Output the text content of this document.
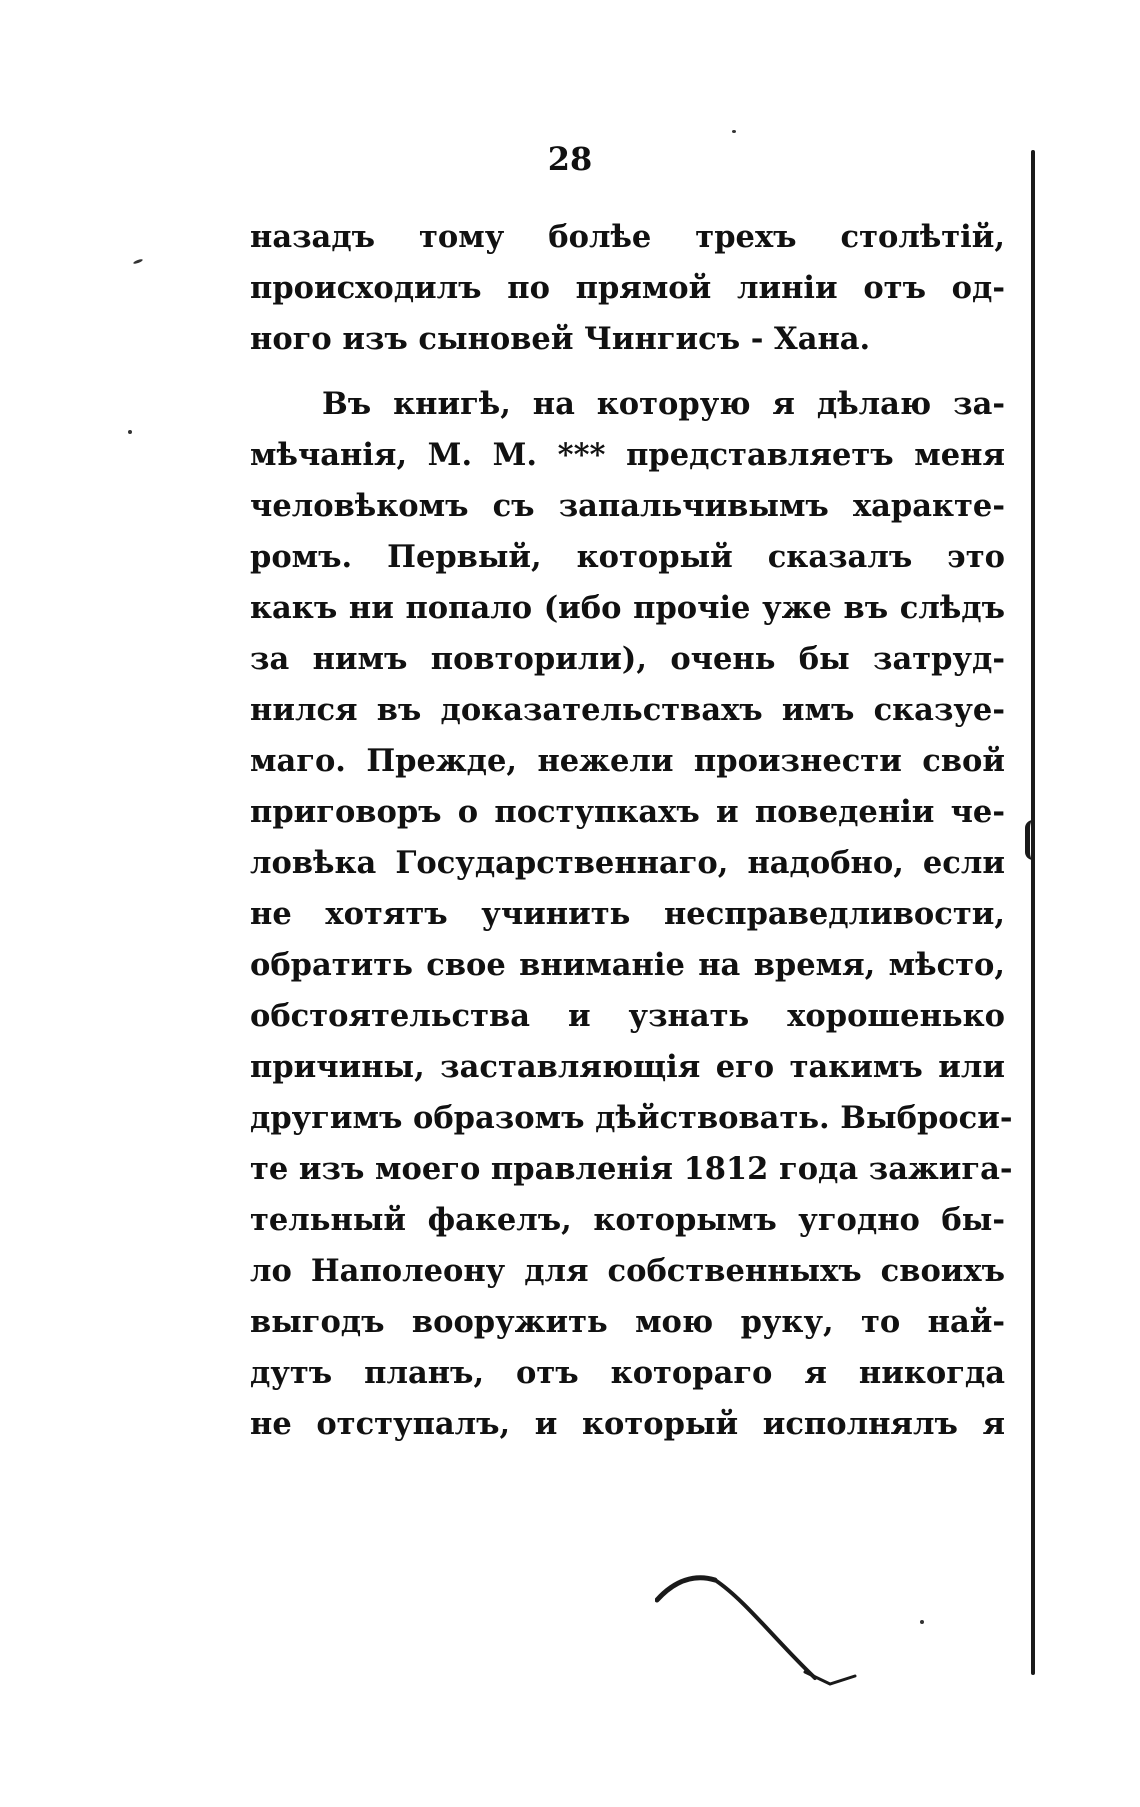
28
назадъ тому болѣе трехъ столѣтій,
происходилъ по прямой линіи отъ од-
ного изъ сыновей Чингисъ - Хана.
Въ книгѣ, на которую я дѣлаю за-
мѣчанія, М. М. *** представляетъ меня
человѣкомъ съ запальчивымъ характе-
ромъ. Первый, который сказалъ это
какъ ни попало (ибо прочіе уже въ слѣдъ
за нимъ повторили), очень бы затруд-
нился въ доказательствахъ имъ сказуе-
маго. Прежде, нежели произнести свой
приговоръ о поступкахъ и поведеніи че-
ловѣка Государственнаго, надобно, если
не хотятъ учинить несправедливости,
обратить свое вниманіе на время, мѣсто,
обстоятельства и узнать хорошенько
причины, заставляющія его такимъ или
другимъ образомъ дѣйствовать. Выброси-
те изъ моего правленія 1812 года зажига-
тельный факелъ, которымъ угодно бы-
ло Наполеону для собственныхъ своихъ
выгодъ вооружить мою руку, то най-
дутъ планъ, отъ котораго я никогда
не отступалъ, и который исполнялъ я
